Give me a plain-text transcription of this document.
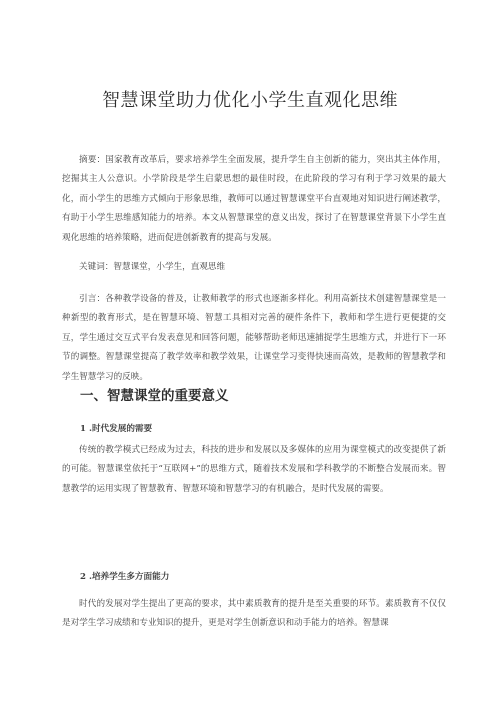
智慧课堂助力优化小学生直观化思维

摘要：国家教育改革后，要求培养学生全面发展，提升学生自主创新的能力，突出其主体作用，挖掘其主人公意识。小学阶段是学生启蒙思想的最佳时段，在此阶段的学习有利于学习效果的最大化，而小学生的思维方式倾向于形象思维，教师可以通过智慧课堂平台直观地对知识进行阐述教学，有助于小学生思维感知能力的培养。本文从智慧课堂的意义出发，探讨了在智慧课堂背景下小学生直观化思维的培养策略，进而促进创新教育的提高与发展。

关键词：智慧课堂，小学生，直观思维

引言：各种教学设备的普及，让教师教学的形式也逐渐多样化。利用高新技术创建智慧课堂是一种新型的教育形式，是在智慧环境、智慧工具相对完善的硬件条件下，教师和学生进行更便捷的交互，学生通过交互式平台发表意见和回答问题，能够帮助老师迅速捕捉学生思维方式，并进行下一环节的调整。智慧课堂提高了教学效率和教学效果，让课堂学习变得快速而高效，是教师的智慧教学和学生智慧学习的反映。

一、智慧课堂的重要意义
1 .时代发展的需要

传统的教学模式已经成为过去，科技的进步和发展以及多媒体的应用为课堂模式的改变提供了新的可能。智慧课堂依托于“互联网+”的思维方式，随着技术发展和学科教学的不断整合发展而来。智慧教学的运用实现了智慧教育、智慧环境和智慧学习的有机融合，是时代发展的需要。

2 .培养学生多方面能力

时代的发展对学生提出了更高的要求，其中素质教育的提升是至关重要的环节。素质教育不仅仅是对学生学习成绩和专业知识的提升，更是对学生创新意识和动手能力的培养。智慧课
